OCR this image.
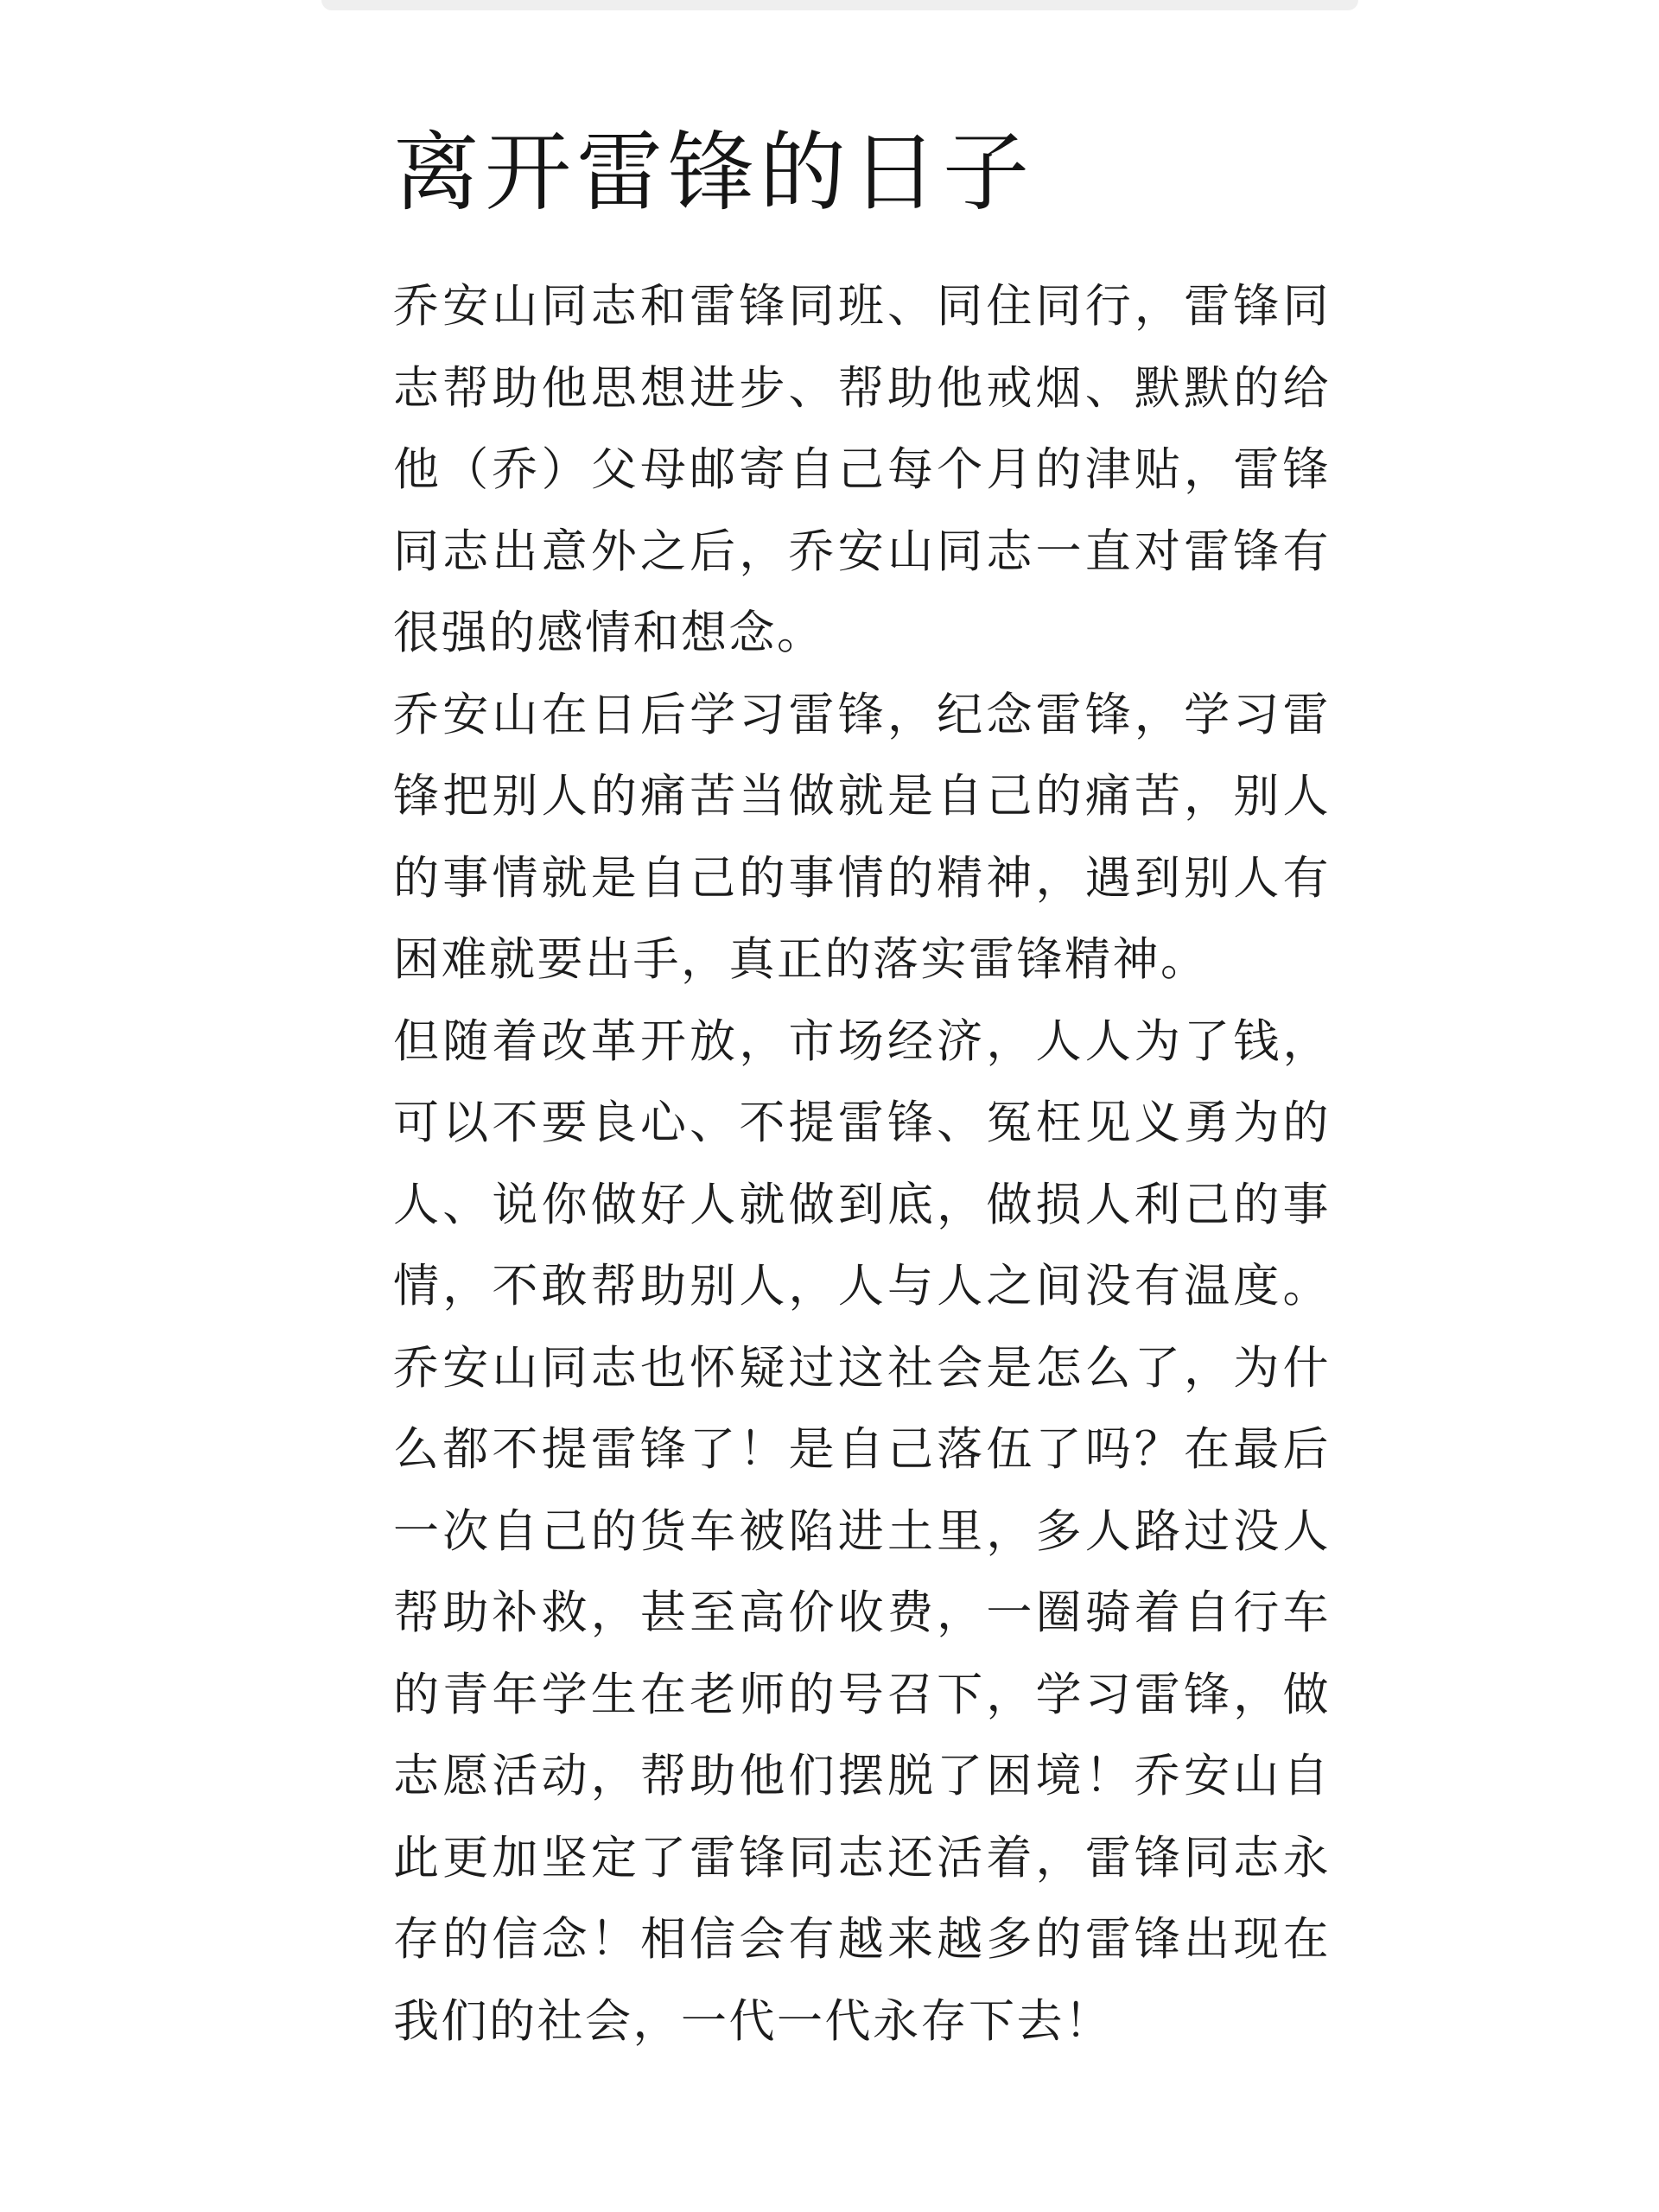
离开雷锋的日子

乔安山同志和雷锋同班、同住同行，雷锋同志帮助他思想进步、帮助他戒烟、默默的给他（乔）父母邮寄自己每个月的津贴，雷锋同志出意外之后，乔安山同志一直对雷锋有很强的感情和想念。

乔安山在日后学习雷锋，纪念雷锋，学习雷锋把别人的痛苦当做就是自己的痛苦，别人的事情就是自己的事情的精神，遇到别人有困难就要出手，真正的落实雷锋精神。

但随着改革开放，市场经济，人人为了钱，可以不要良心、不提雷锋、冤枉见义勇为的人、说你做好人就做到底，做损人利己的事情，不敢帮助别人，人与人之间没有温度。乔安山同志也怀疑过这社会是怎么了，为什么都不提雷锋了！是自己落伍了吗？在最后一次自己的货车被陷进土里，多人路过没人帮助补救，甚至高价收费，一圈骑着自行车的青年学生在老师的号召下，学习雷锋，做志愿活动，帮助他们摆脱了困境！乔安山自此更加坚定了雷锋同志还活着，雷锋同志永存的信念！相信会有越来越多的雷锋出现在我们的社会，一代一代永存下去！
